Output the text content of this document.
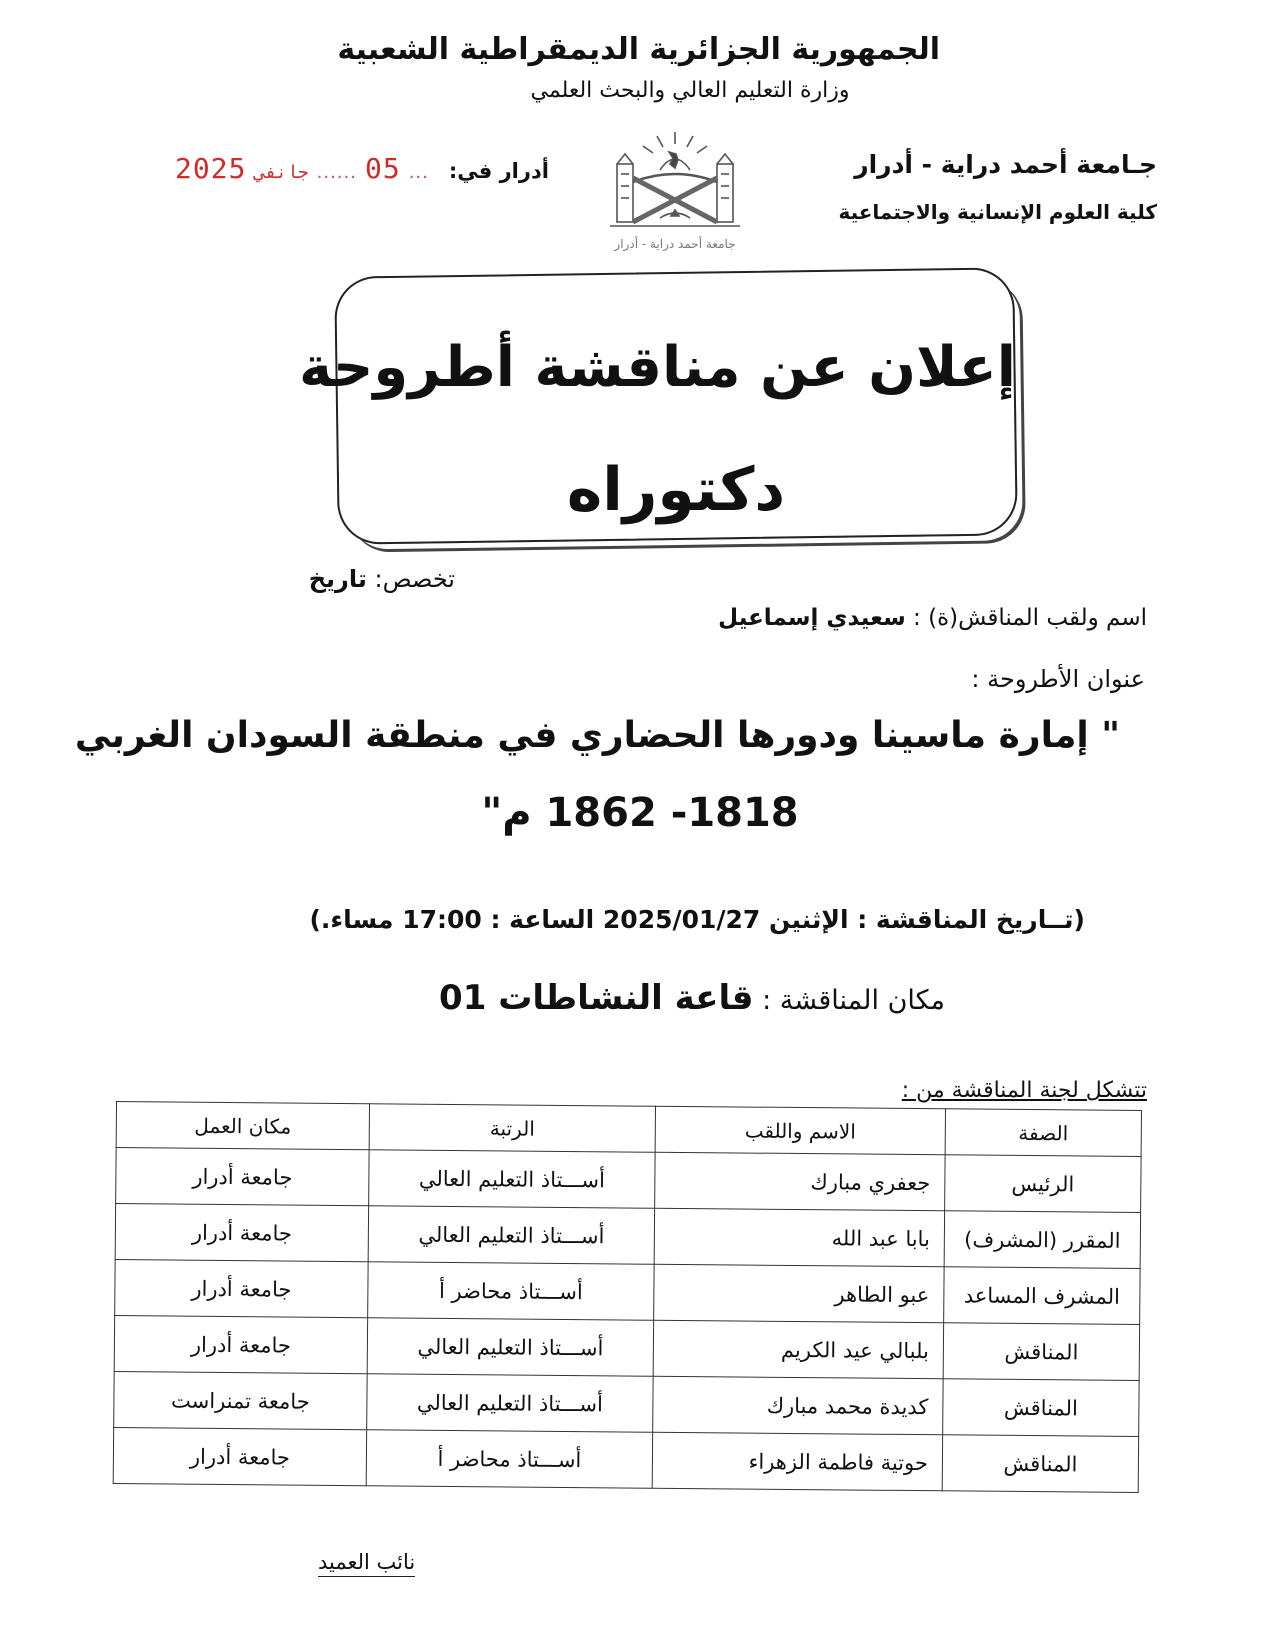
الجمهورية الجزائرية الديمقراطية الشعبية
وزارة التعليم العالي والبحث العلمي
جـامعة أحمد دراية - أدرار
كلية العلوم الإنسانية والاجتماعية
2025 جانفي ...... 05 ... أدرار في:
جامعة أحمد دراية - أدرار
إعلان عن مناقشة أطروحة
دكتوراه
تخصص: تاريخ
اسم ولقب المناقش(ة) : سعيدي إسماعيل
عنوان الأطروحة :
" إمارة ماسينا ودورها الحضاري في منطقة السودان الغربي
1818- 1862 م"
(تــاريخ المناقشة : الإثنين 2025/01/27 الساعة : 17:00 مساء.)
مكان المناقشة : قاعة النشاطات 01
تتشكل لجنة المناقشة من :
الصفة	الاسم واللقب	الرتبة	مكان العمل
الرئيس	جعفري مبارك	أســـتاذ التعليم العالي	جامعة أدرار
المقرر (المشرف)	بابا عبد الله	أســـتاذ التعليم العالي	جامعة أدرار
المشرف المساعد	عبو الطاهر	أســـتاذ محاضر أ	جامعة أدرار
المناقش	بلبالي عيد الكريم	أســـتاذ التعليم العالي	جامعة أدرار
المناقش	كديدة محمد مبارك	أســـتاذ التعليم العالي	جامعة تمنراست
المناقش	حوتية فاطمة الزهراء	أســـتاذ محاضر أ	جامعة أدرار
نائب العميد
